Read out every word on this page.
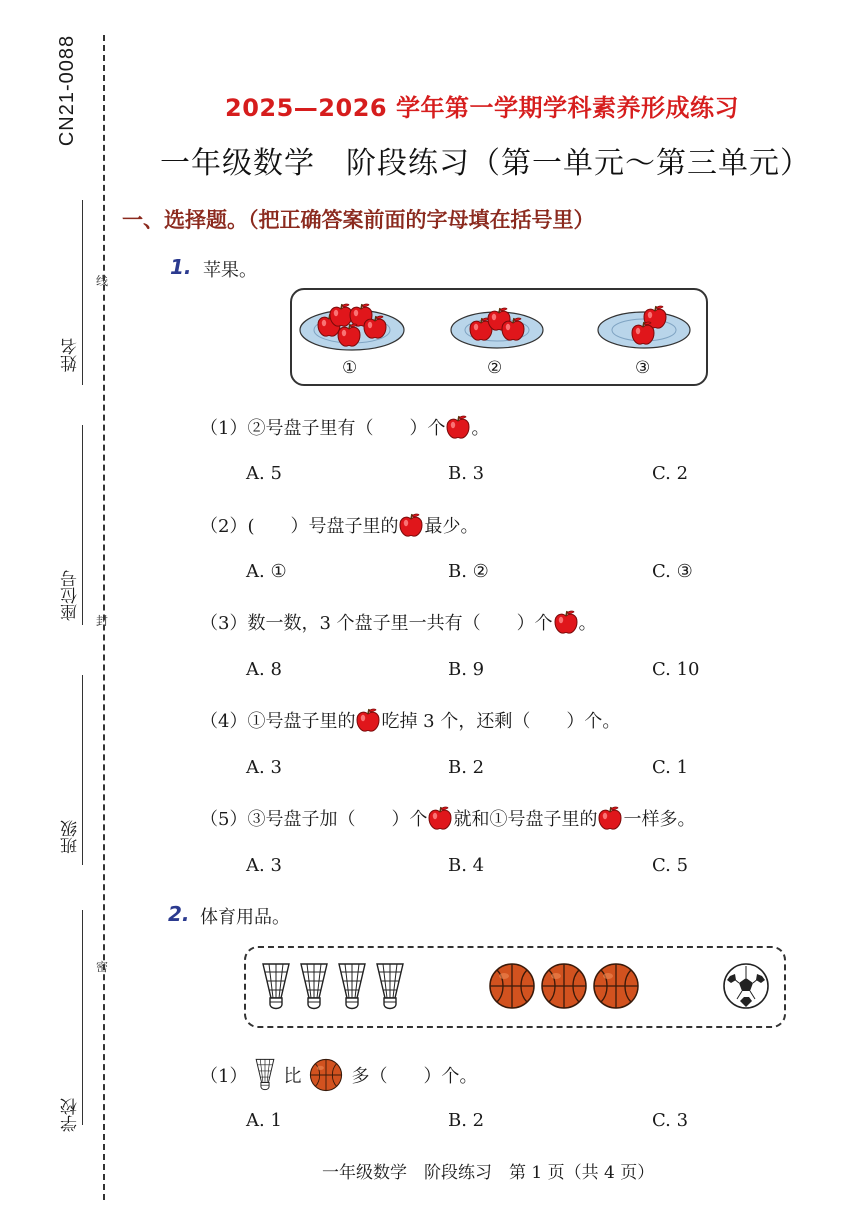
CN21-0088
姓名
线
座位号 封
班级
密
学校
2025—2026 学年第一学期学科素养形成练习
一年级数学　阶段练习（第一单元～第三单元）
一、选择题。（把正确答案前面的字母填在括号里）
1. 苹果。
①	②	③
（1）②号盘子里有（　　）个 。
A. 5	B. 3	C. 2
（2）(　　）号盘子里的 最少。
A. ①	B. ②	C. ③
（3）数一数，3 个盘子里一共有（　　）个 。
A. 8	B. 9	C. 10
（4）①号盘子里的 吃掉 3 个，还剩（　　）个。
A. 3	B. 2	C. 1
（5）③号盘子加（　　）个 就和①号盘子里的 一样多。
A. 3	B. 4	C. 5
2. 体育用品。
（1） 比	多（　　）个。
A. 1	B. 2	C. 3
一年级数学　阶段练习　第 1 页（共 4 页）
